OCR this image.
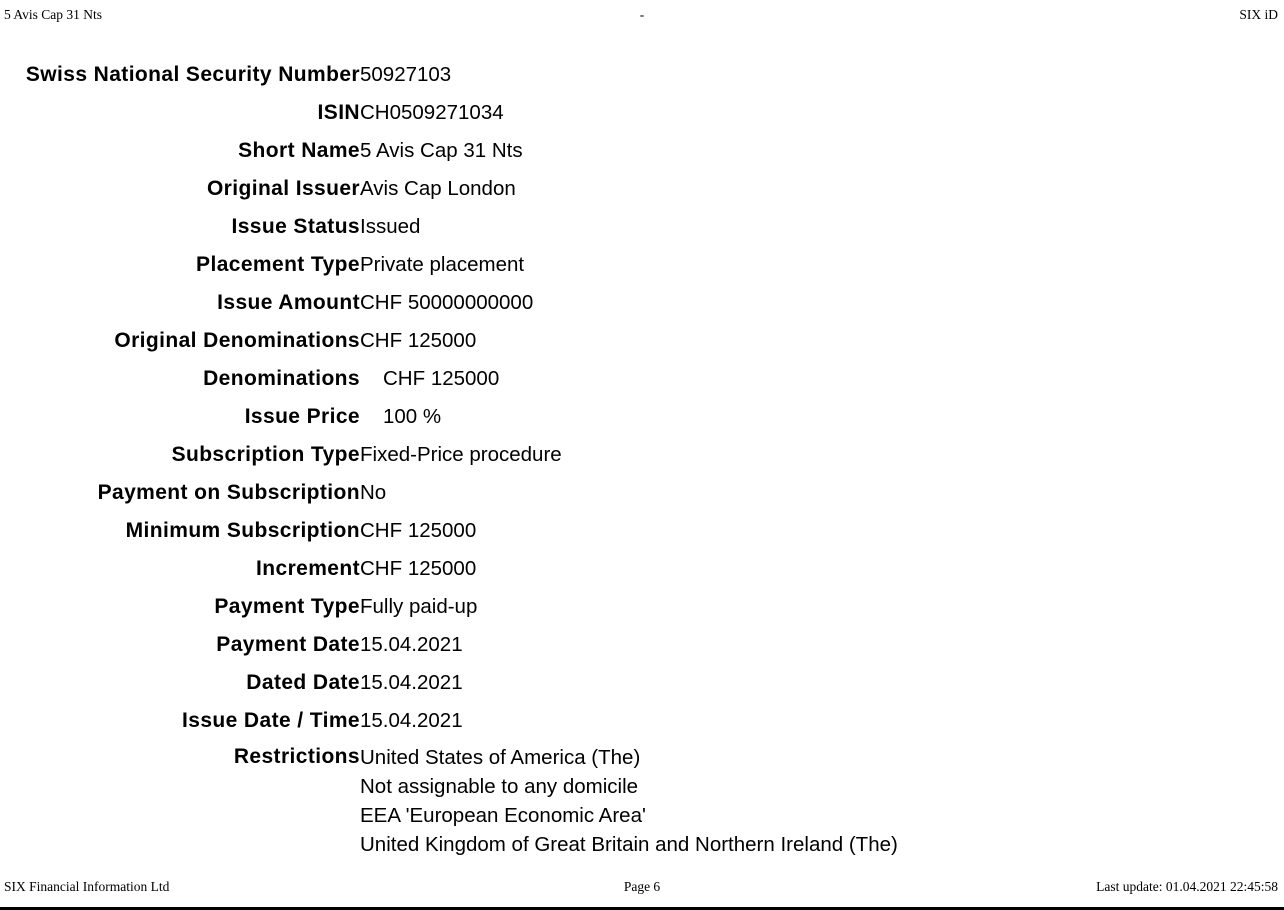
5 Avis Cap 31 Nts	-	SIX iD
Swiss National Security Number	50927103
ISIN	CH0509271034
Short Name	5 Avis Cap 31 Nts
Original Issuer	Avis Cap London
Issue Status	Issued
Placement Type	Private placement
Issue Amount	CHF 50000000000
Original Denominations	CHF 125000
Denominations	CHF 125000
Issue Price	100 %
Subscription Type	Fixed-Price procedure
Payment on Subscription	No
Minimum Subscription	CHF 125000
Increment	CHF 125000
Payment Type	Fully paid-up
Payment Date	15.04.2021
Dated Date	15.04.2021
Issue Date / Time	15.04.2021
Restrictions	United States of America (The)
Not assignable to any domicile
EEA 'European Economic Area'
United Kingdom of Great Britain and Northern Ireland (The)
SIX Financial Information Ltd	Page 6	Last update: 01.04.2021 22:45:58
